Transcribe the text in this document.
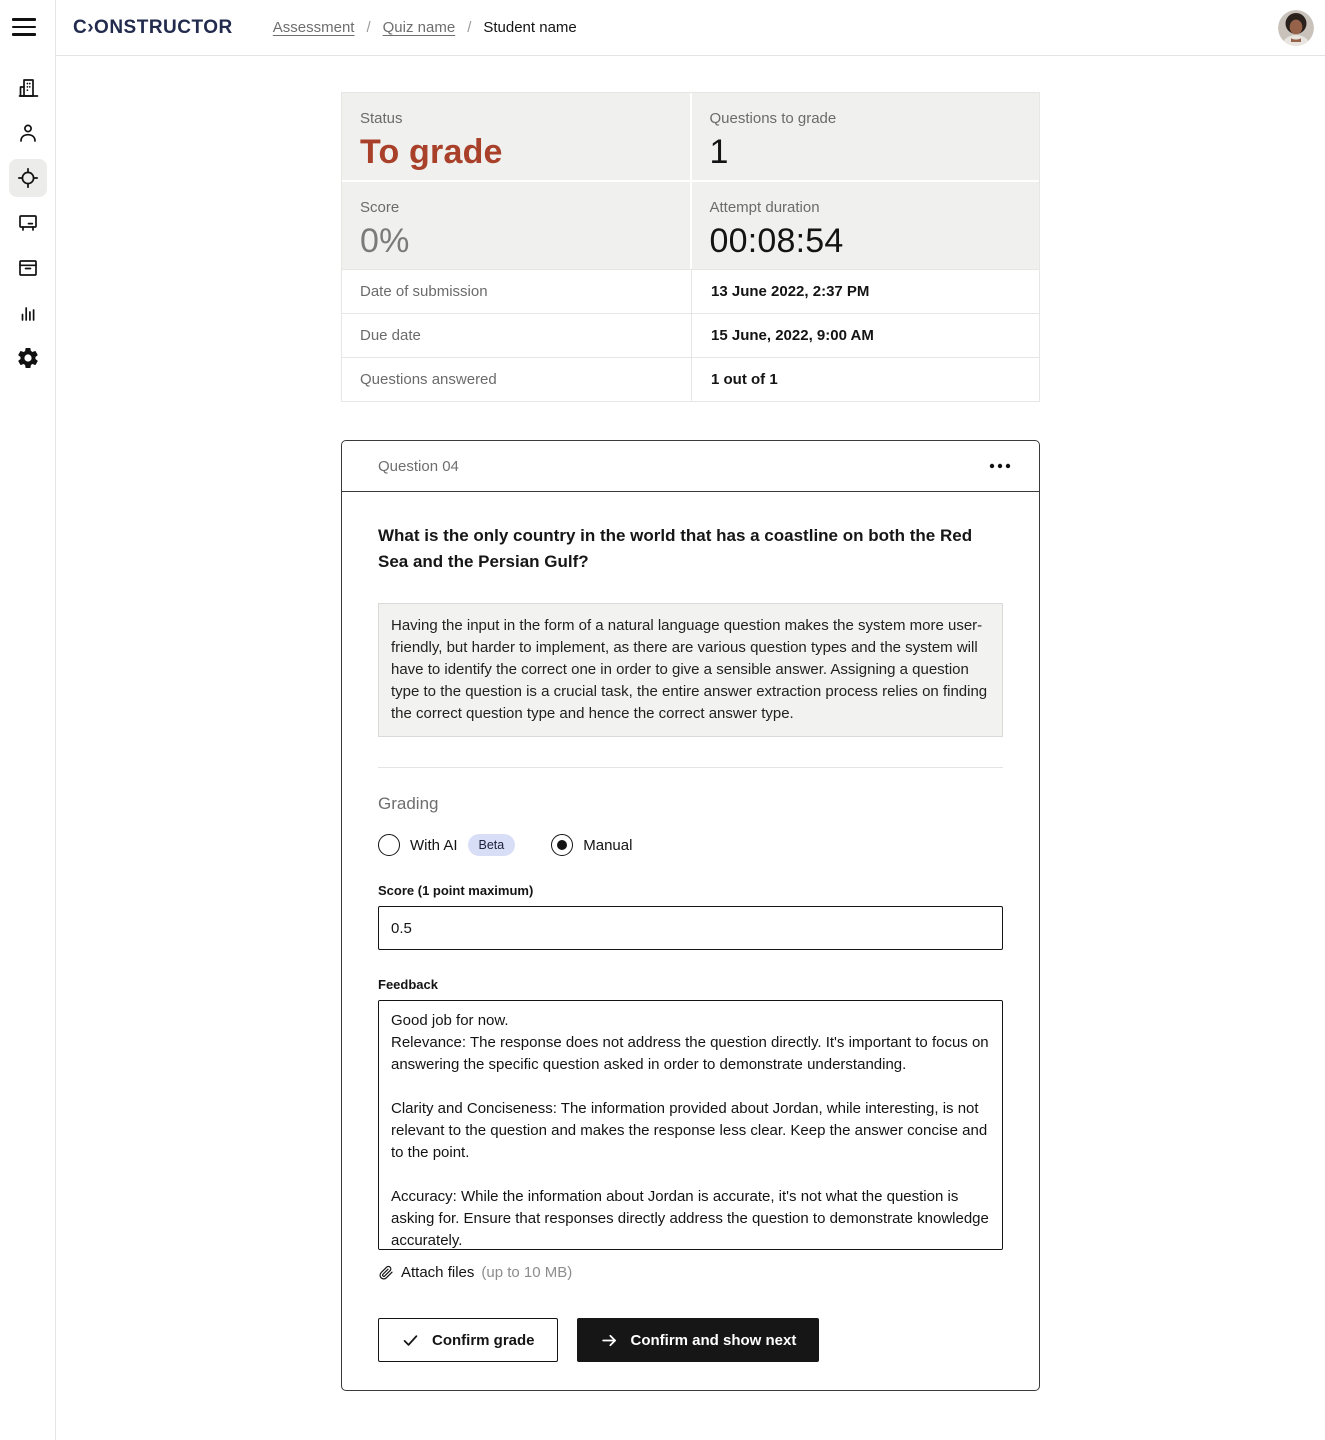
C›ONSTRUCTOR	Assessment / Quiz name / Student name
Status
To grade
Questions to grade
1
Score
0%
Attempt duration
00:08:54
Date of submission	13 June 2022, 2:37 PM
Due date	15 June, 2022, 9:00 AM
Questions answered	1 out of 1
Question 04
What is the only country in the world that has a coastline on both the Red Sea and the Persian Gulf?
Having the input in the form of a natural language question makes the system more user-friendly, but harder to implement, as there are various question types and the system will have to identify the correct one in order to give a sensible answer. Assigning a question type to the question is a crucial task, the entire answer extraction process relies on finding the correct question type and hence the correct answer type.
Grading
With AI	Beta	Manual
Score (1 point maximum)
0.5
Feedback
Good job for now. Relevance: The response does not address the question directly. It's important to focus on answering the specific question asked in order to demonstrate understanding. Clarity and Conciseness: The information provided about Jordan, while interesting, is not relevant to the question and makes the response less clear. Keep the answer concise and to the point. Accuracy: While the information about Jordan is accurate, it's not what the question is asking for. Ensure that responses directly address the question to demonstrate knowledge accurately.
Attach files (up to 10 MB)
Confirm grade	Confirm and show next
